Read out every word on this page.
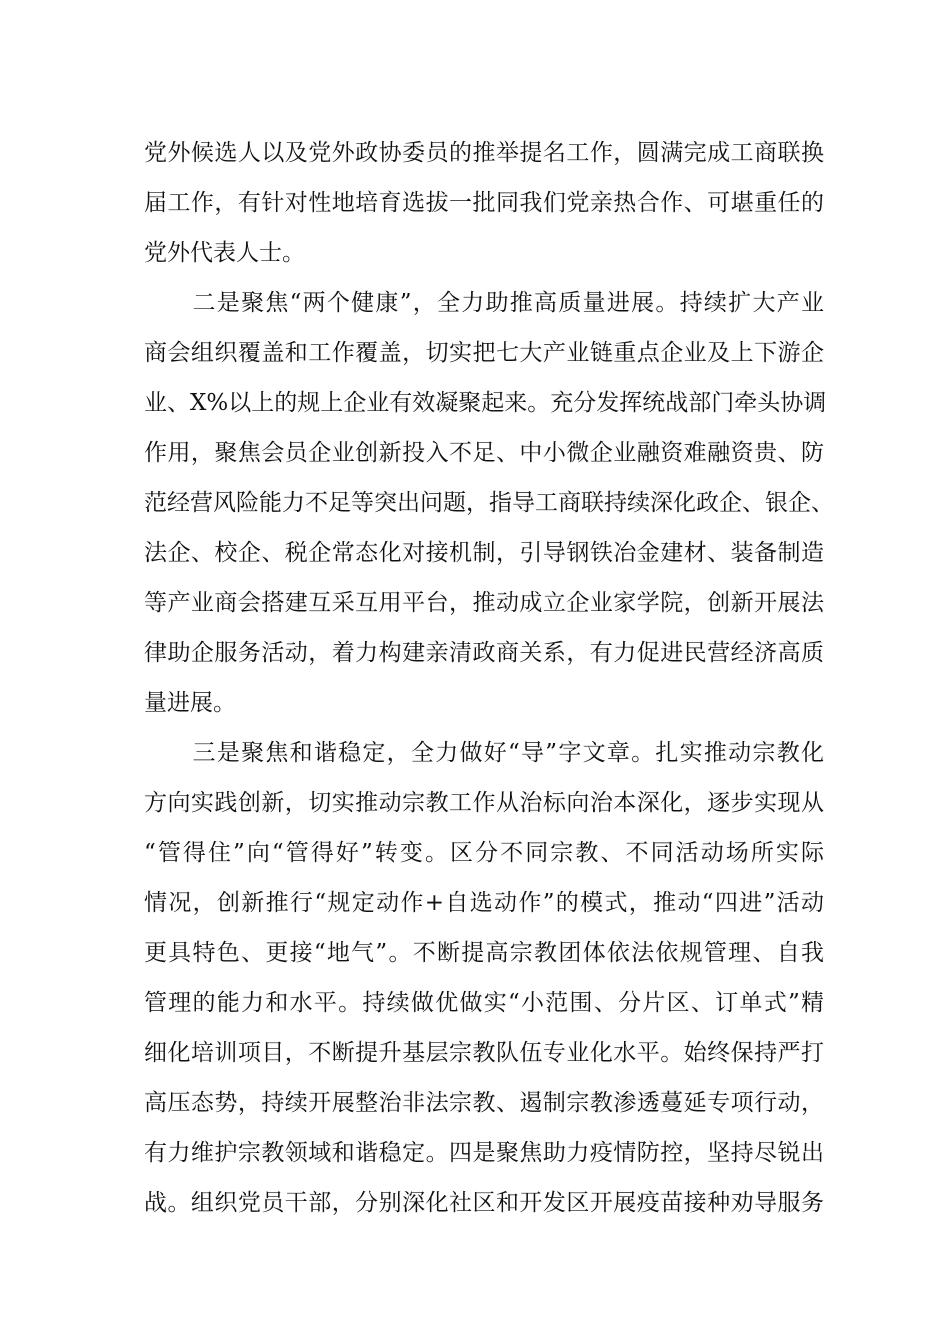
党外候选人以及党外政协委员的推举提名工作，圆满完成工商联换
届工作，有针对性地培育选拔一批同我们党亲热合作、可堪重任的
党外代表人士。
　　二是聚焦“两个健康”，全力助推高质量进展。持续扩大产业
商会组织覆盖和工作覆盖，切实把七大产业链重点企业及上下游企
业、X%以上的规上企业有效凝聚起来。充分发挥统战部门牵头协调
作用，聚焦会员企业创新投入不足、中小微企业融资难融资贵、防
范经营风险能力不足等突出问题，指导工商联持续深化政企、银企、
法企、校企、税企常态化对接机制，引导钢铁冶金建材、装备制造
等产业商会搭建互采互用平台，推动成立企业家学院，创新开展法
律助企服务活动，着力构建亲清政商关系，有力促进民营经济高质
量进展。
　　三是聚焦和谐稳定，全力做好“导”字文章。扎实推动宗教化
方向实践创新，切实推动宗教工作从治标向治本深化，逐步实现从
“管得住”向“管得好”转变。区分不同宗教、不同活动场所实际
情况，创新推行“规定动作+自选动作”的模式，推动“四进”活动
更具特色、更接“地气”。不断提高宗教团体依法依规管理、自我
管理的能力和水平。持续做优做实“小范围、分片区、订单式”精
细化培训项目，不断提升基层宗教队伍专业化水平。始终保持严打
高压态势，持续开展整治非法宗教、遏制宗教渗透蔓延专项行动，
有力维护宗教领域和谐稳定。四是聚焦助力疫情防控，坚持尽锐出
战。组织党员干部，分别深化社区和开发区开展疫苗接种劝导服务
